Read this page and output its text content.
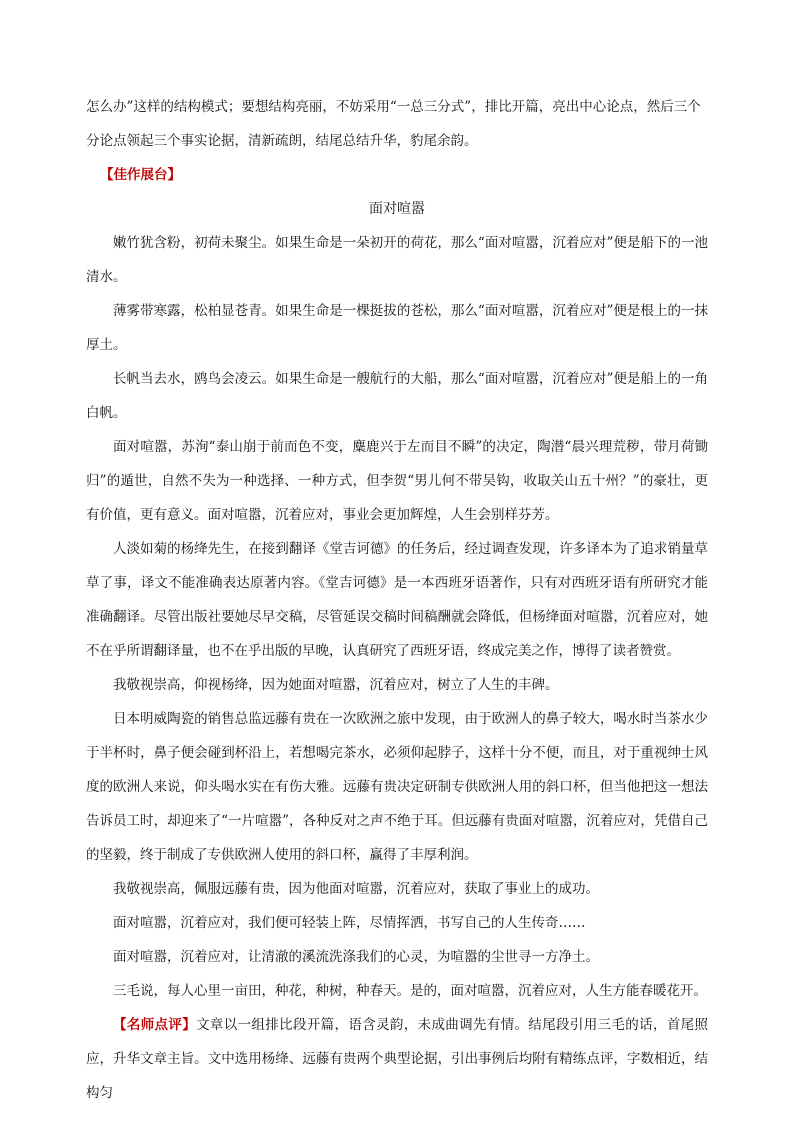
怎么办”这样的结构模式；要想结构亮丽，不妨采用“一总三分式”，排比开篇，亮出中心论点，然后三个

分论点领起三个事实论据，清新疏朗，结尾总结升华，豹尾余韵。

【佳作展台】
面对喧嚣

嫩竹犹含粉，初荷未聚尘。如果生命是一朵初开的荷花，那么“面对喧嚣，沉着应对”便是船下的一池清水。

薄雾带寒露，松柏显苍青。如果生命是一棵挺拔的苍松，那么“面对喧嚣，沉着应对”便是根上的一抹厚土。

长帆当去水，鸥鸟会凌云。如果生命是一艘航行的大船，那么“面对喧嚣，沉着应对”便是船上的一角白帆。

面对喧嚣，苏洵“泰山崩于前而色不变，麋鹿兴于左而目不瞬”的决定，陶潜“晨兴理荒秽，带月荷锄归”的遁世，自然不失为一种选择、一种方式，但李贺“男儿何不带吴钩，收取关山五十州？”的豪壮，更有价值，更有意义。面对喧嚣，沉着应对，事业会更加辉煌，人生会别样芬芳。

人淡如菊的杨绛先生，在接到翻译《堂吉诃德》的任务后，经过调查发现，许多译本为了追求销量草草了事，译文不能准确表达原著内容。《堂吉诃德》是一本西班牙语著作，只有对西班牙语有所研究才能准确翻译。尽管出版社要她尽早交稿，尽管延误交稿时间稿酬就会降低，但杨绛面对喧嚣，沉着应对，她不在乎所谓翻译量，也不在乎出版的早晚，认真研究了西班牙语，终成完美之作，博得了读者赞赏。

我敬视崇高，仰视杨绛，因为她面对喧嚣，沉着应对，树立了人生的丰碑。

日本明威陶瓷的销售总监远藤有贵在一次欧洲之旅中发现，由于欧洲人的鼻子较大，喝水时当茶水少于半杯时，鼻子便会碰到杯沿上，若想喝完茶水，必须仰起脖子，这样十分不便，而且，对于重视绅士风度的欧洲人来说，仰头喝水实在有伤大雅。远藤有贵决定研制专供欧洲人用的斜口杯，但当他把这一想法告诉员工时，却迎来了“一片喧嚣”，各种反对之声不绝于耳。但远藤有贵面对喧嚣，沉着应对，凭借自己的坚毅，终于制成了专供欧洲人使用的斜口杯，赢得了丰厚利润。

我敬视崇高，佩服远藤有贵，因为他面对喧嚣，沉着应对，获取了事业上的成功。

面对喧嚣，沉着应对，我们便可轻装上阵，尽情挥洒，书写自己的人生传奇……

面对喧嚣，沉着应对，让清澈的溪流洗涤我们的心灵，为喧嚣的尘世寻一方净土。

三毛说，每人心里一亩田，种花，种树，种春天。是的，面对喧嚣，沉着应对，人生方能春暖花开。

【名师点评】文章以一组排比段开篇，语含灵韵，未成曲调先有情。结尾段引用三毛的话，首尾照应，升华文章主旨。文中选用杨绛、远藤有贵两个典型论据，引出事例后均附有精练点评，字数相近，结构匀
